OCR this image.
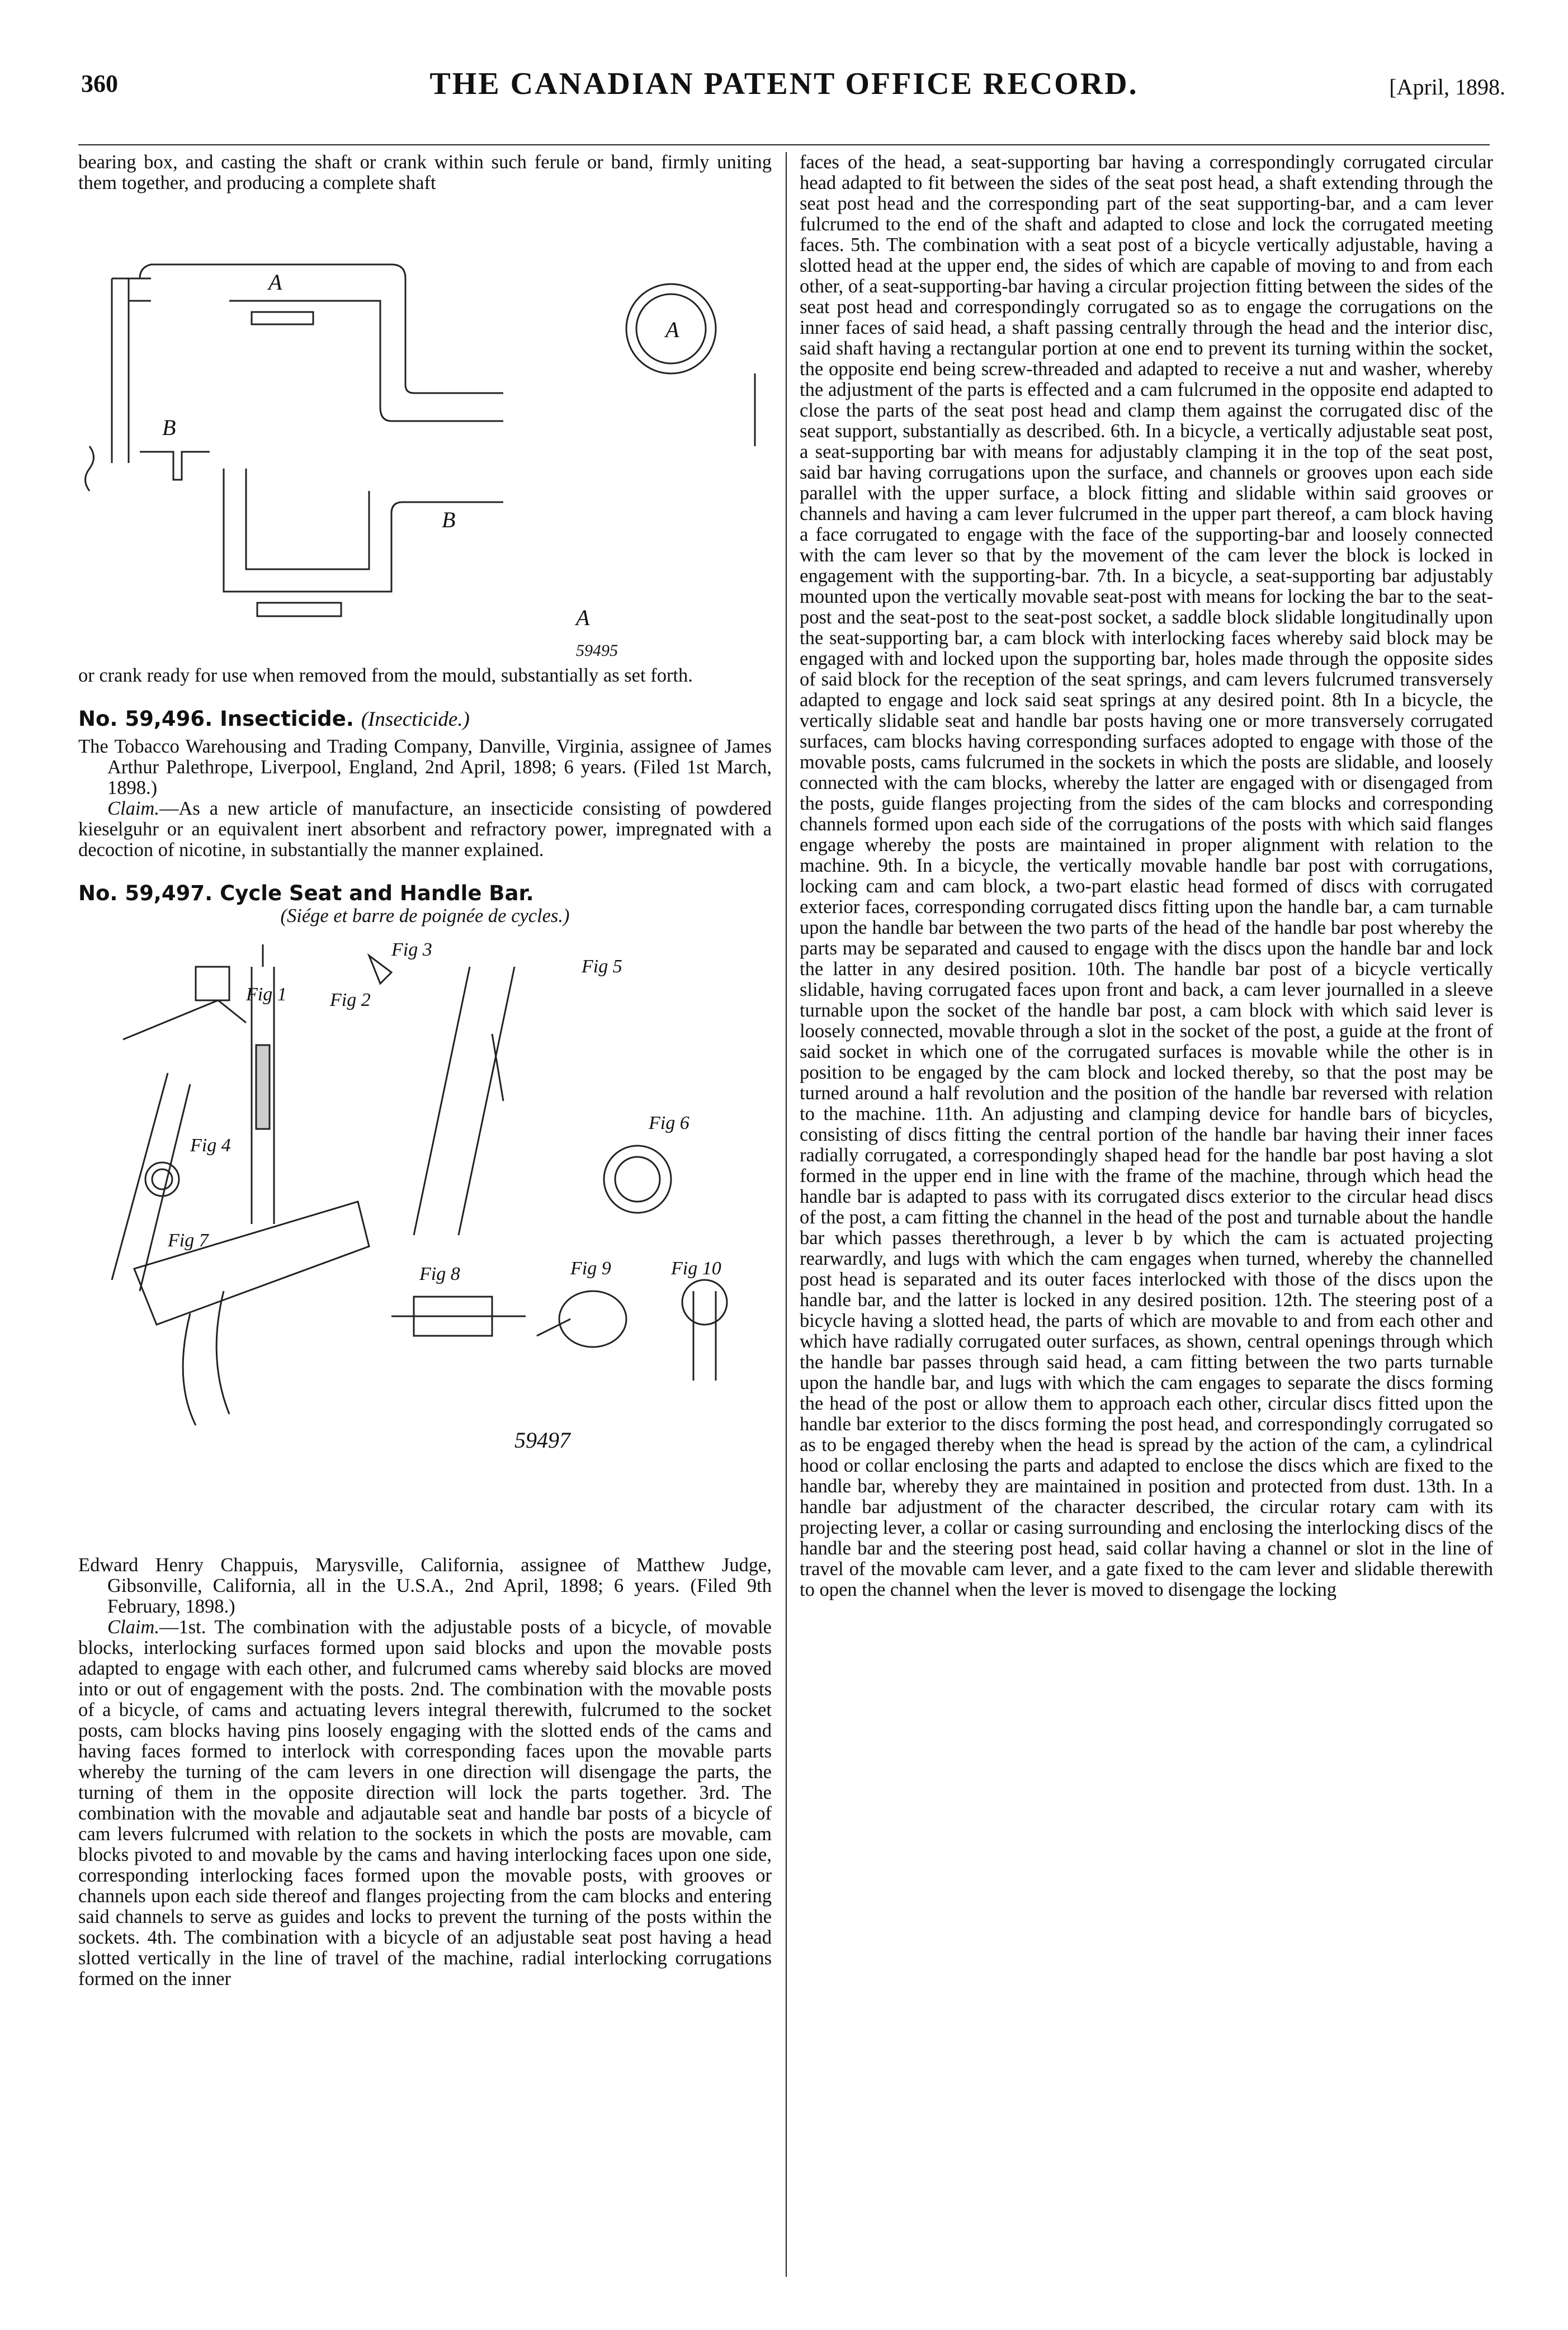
360	THE CANADIAN PATENT OFFICE RECORD.	[April, 1898.

bearing box, and casting the shaft or crank within such ferule or band, firmly uniting them together, and producing a complete shaft

A
A
B
B
A
59495

or crank ready for use when removed from the mould, substantially as set forth.

No. 59,496. Insecticide. (Insecticide.)

The Tobacco Warehousing and Trading Company, Danville, Virginia, assignee of James Arthur Palethrope, Liverpool, England, 2nd April, 1898; 6 years. (Filed 1st March, 1898.)

Claim.—As a new article of manufacture, an insecticide consisting of powdered kieselguhr or an equivalent inert absorbent and refractory power, impregnated with a decoction of nicotine, in substantially the manner explained.

No. 59,497. Cycle Seat and Handle Bar.

(Siége et barre de poignée de cycles.)

Fig 1 Fig 2
Fig 3
Fig 5
Fig 4
Fig 6
Fig 7
Fig 8	Fig 9	Fig 10
59497

Edward Henry Chappuis, Marysville, California, assignee of Matthew Judge, Gibsonville, California, all in the U.S.A., 2nd April, 1898; 6 years. (Filed 9th February, 1898.)

Claim.—1st. The combination with the adjustable posts of a bicycle, of movable blocks, interlocking surfaces formed upon said blocks and upon the movable posts adapted to engage with each other, and fulcrumed cams whereby said blocks are moved into or out of engagement with the posts. 2nd. The combination with the movable posts of a bicycle, of cams and actuating levers integral therewith, fulcrumed to the socket posts, cam blocks having pins loosely engaging with the slotted ends of the cams and having faces formed to interlock with corresponding faces upon the movable parts whereby the turning of the cam levers in one direction will disengage the parts, the turning of them in the opposite direction will lock the parts together. 3rd. The combination with the movable and adjautable seat and handle bar posts of a bicycle of cam levers fulcrumed with relation to the sockets in which the posts are movable, cam blocks pivoted to and movable by the cams and having interlocking faces upon one side, corresponding interlocking faces formed upon the movable posts, with grooves or channels upon each side thereof and flanges projecting from the cam blocks and entering said channels to serve as guides and locks to prevent the turning of the posts within the sockets. 4th. The combination with a bicycle of an adjustable seat post having a head slotted vertically in the line of travel of the machine, radial interlocking corrugations formed on the inner

faces of the head, a seat-supporting bar having a correspondingly corrugated circular head adapted to fit between the sides of the seat post head, a shaft extending through the seat post head and the corresponding part of the seat supporting-bar, and a cam lever fulcrumed to the end of the shaft and adapted to close and lock the corrugated meeting faces. 5th. The combination with a seat post of a bicycle vertically adjustable, having a slotted head at the upper end, the sides of which are capable of moving to and from each other, of a seat-supporting-bar having a circular projection fitting between the sides of the seat post head and correspondingly corrugated so as to engage the corrugations on the inner faces of said head, a shaft passing centrally through the head and the interior disc, said shaft having a rectangular portion at one end to prevent its turning within the socket, the opposite end being screw-threaded and adapted to receive a nut and washer, whereby the adjustment of the parts is effected and a cam fulcrumed in the opposite end adapted to close the parts of the seat post head and clamp them against the corrugated disc of the seat support, substantially as described. 6th. In a bicycle, a vertically adjustable seat post, a seat-supporting bar with means for adjustably clamping it in the top of the seat post, said bar having corrugations upon the surface, and channels or grooves upon each side parallel with the upper surface, a block fitting and slidable within said grooves or channels and having a cam lever fulcrumed in the upper part thereof, a cam block having a face corrugated to engage with the face of the supporting-bar and loosely connected with the cam lever so that by the movement of the cam lever the block is locked in engagement with the supporting-bar. 7th. In a bicycle, a seat-supporting bar adjustably mounted upon the vertically movable seat-post with means for locking the bar to the seat-post and the seat-post to the seat-post socket, a saddle block slidable longitudinally upon the seat-supporting bar, a cam block with interlocking faces whereby said block may be engaged with and locked upon the supporting bar, holes made through the opposite sides of said block for the reception of the seat springs, and cam levers fulcrumed transversely adapted to engage and lock said seat springs at any desired point. 8th In a bicycle, the vertically slidable seat and handle bar posts having one or more transversely corrugated surfaces, cam blocks having corresponding surfaces adopted to engage with those of the movable posts, cams fulcrumed in the sockets in which the posts are slidable, and loosely connected with the cam blocks, whereby the latter are engaged with or disengaged from the posts, guide flanges projecting from the sides of the cam blocks and corresponding channels formed upon each side of the corrugations of the posts with which said flanges engage whereby the posts are maintained in proper alignment with relation to the machine. 9th. In a bicycle, the vertically movable handle bar post with corrugations, locking cam and cam block, a two-part elastic head formed of discs with corrugated exterior faces, corresponding corrugated discs fitting upon the handle bar, a cam turnable upon the handle bar between the two parts of the head of the handle bar post whereby the parts may be separated and caused to engage with the discs upon the handle bar and lock the latter in any desired position. 10th. The handle bar post of a bicycle vertically slidable, having corrugated faces upon front and back, a cam lever journalled in a sleeve turnable upon the socket of the handle bar post, a cam block with which said lever is loosely connected, movable through a slot in the socket of the post, a guide at the front of said socket in which one of the corrugated surfaces is movable while the other is in position to be engaged by the cam block and locked thereby, so that the post may be turned around a half revolution and the position of the handle bar reversed with relation to the machine. 11th. An adjusting and clamping device for handle bars of bicycles, consisting of discs fitting the central portion of the handle bar having their inner faces radially corrugated, a correspondingly shaped head for the handle bar post having a slot formed in the upper end in line with the frame of the machine, through which head the handle bar is adapted to pass with its corrugated discs exterior to the circular head discs of the post, a cam fitting the channel in the head of the post and turnable about the handle bar which passes therethrough, a lever b by which the cam is actuated projecting rearwardly, and lugs with which the cam engages when turned, whereby the channelled post head is separated and its outer faces interlocked with those of the discs upon the handle bar, and the latter is locked in any desired position. 12th. The steering post of a bicycle having a slotted head, the parts of which are movable to and from each other and which have radially corrugated outer surfaces, as shown, central openings through which the handle bar passes through said head, a cam fitting between the two parts turnable upon the handle bar, and lugs with which the cam engages to separate the discs forming the head of the post or allow them to approach each other, circular discs fitted upon the handle bar exterior to the discs forming the post head, and correspondingly corrugated so as to be engaged thereby when the head is spread by the action of the cam, a cylindrical hood or collar enclosing the parts and adapted to enclose the discs which are fixed to the handle bar, whereby they are maintained in position and protected from dust. 13th. In a handle bar adjustment of the character described, the circular rotary cam with its projecting lever, a collar or casing surrounding and enclosing the interlocking discs of the handle bar and the steering post head, said collar having a channel or slot in the line of travel of the movable cam lever, and a gate fixed to the cam lever and slidable therewith to open the channel when the lever is moved to disengage the locking
